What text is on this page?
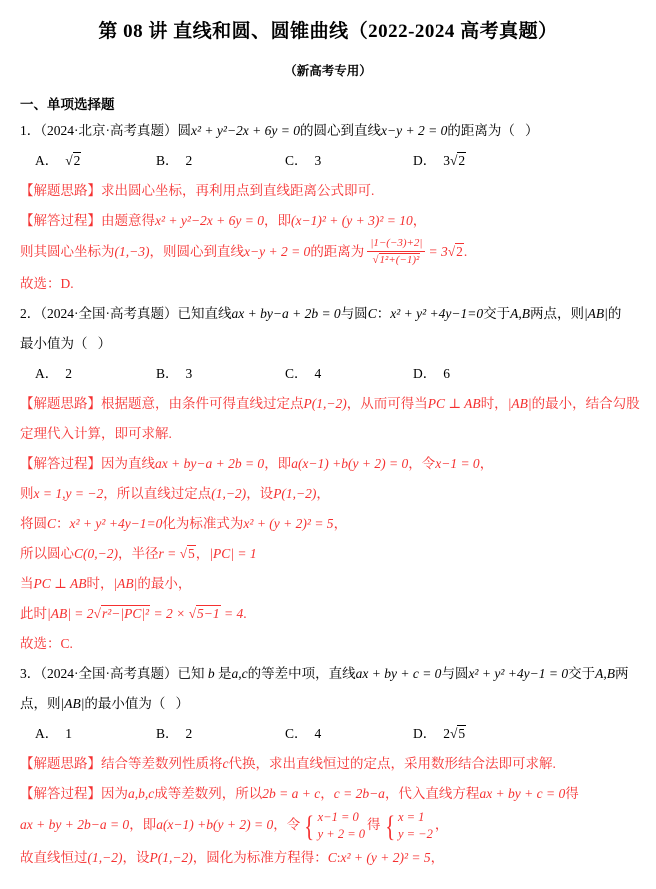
第 08 讲 直线和圆、圆锥曲线（2022-2024 高考真题）
（新高考专用）
一、单项选择题
1．（2024·北京·高考真题）圆x² + y²−2x + 6y = 0的圆心到直线x−y + 2 = 0的距离为（   ）
A． √2	B． 2	C． 3	D． 3√2
【解题思路】求出圆心坐标，再利用点到直线距离公式即可.
【解答过程】由题意得x² + y²−2x + 6y = 0，即(x−1)² + (y + 3)² = 10，
则其圆心坐标为(1,−3)，则圆心到直线x−y + 2 = 0的距离为 $\frac{|1-(-3)+2|}{\text{√1²+(−1)²}} = 3√2$.
故选：D.
2．（2024·全国·高考真题）已知直线ax + by−a + 2b = 0与圆C：x² + y² +4y−1=0交于A,B两点，则|AB|的
最小值为（   ）
A． 2	B． 3	C． 4	D． 6
【解题思路】根据题意，由条件可得直线过定点P(1,−2)，从而可得当PC ⊥ AB时，|AB|的最小，结合勾股
定理代入计算，即可求解.
【解答过程】因为直线ax + by−a + 2b = 0，即a(x−1) +b(y + 2) = 0，令x−1 = 0，
则x = 1,y = −2，所以直线过定点(1,−2)，设P(1,−2)，
将圆C：x² + y² +4y−1=0化为标准式为x² + (y + 2)² = 5，
所以圆心C(0,−2)，半径r = √5，|PC| = 1
当PC ⊥ AB时，|AB|的最小，
此时|AB| = 2√r²−|PC|² = 2 × √5−1 = 4.
故选：C.
3．（2024·全国·高考真题）已知 b 是a,c的等差中项，直线ax + by + c = 0与圆x² + y² +4y−1 = 0交于A,B两
点，则|AB|的最小值为（   ）
A． 1	B． 2	C． 4	D． 2√5
【解题思路】结合等差数列性质将c代换，求出直线恒过的定点，采用数形结合法即可求解.
【解答过程】因为a,b,c成等差数列，所以2b = a + c，c = 2b−a，代入直线方程ax + by + c = 0得
ax + by + 2b−a = 0，即a(x−1) +b(y + 2) = 0，令 { x−1 = 0
y + 2 = 0
得 { x = 1
y = −2
，
故直线恒过(1,−2)，设P(1,−2)，圆化为标准方程得：C:x² + (y + 2)² = 5，
